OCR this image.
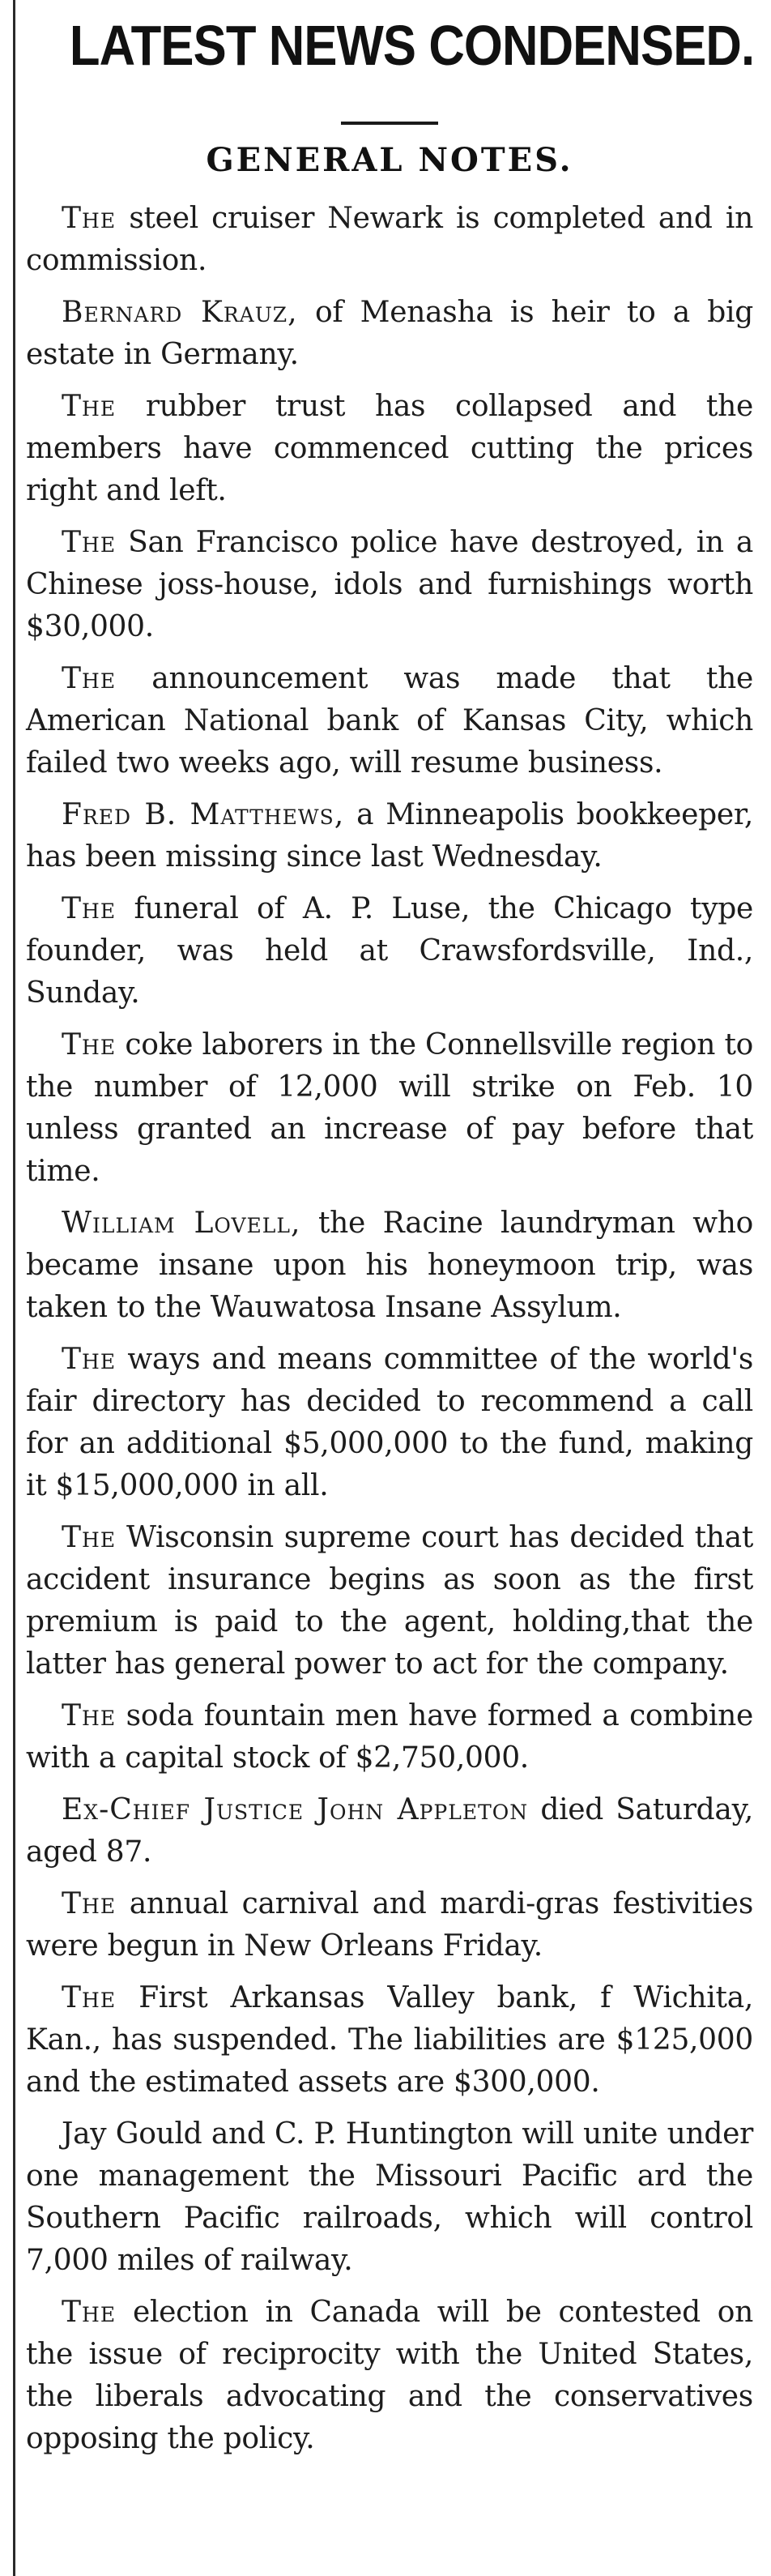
LATEST NEWS CONDENSED.
GENERAL NOTES.

The steel cruiser Newark is completed and in commission.

Bernard Krauz, of Menasha is heir to a big estate in Germany.

The rubber trust has collapsed and the members have commenced cutting the prices right and left.

The San Francisco police have destroyed, in a Chinese joss-house, idols and furnishings worth $30,000.

The announcement was made that the American National bank of Kansas City, which failed two weeks ago, will resume business.

Fred B. Matthews, a Minneapolis bookkeeper, has been missing since last Wednesday.

The funeral of A. P. Luse, the Chicago type founder, was held at Crawsfordsville, Ind., Sunday.

The coke laborers in the Connellsville region to the number of 12,000 will strike on Feb. 10 unless granted an increase of pay before that time.

William Lovell, the Racine laundryman who became insane upon his honeymoon trip, was taken to the Wauwatosa Insane Assylum.

The ways and means committee of the world's fair directory has decided to recommend a call for an additional $5,000,000 to the fund, making it $15,000,000 in all.

The Wisconsin supreme court has decided that accident insurance begins as soon as the first premium is paid to the agent, holding,that the latter has general power to act for the company.

The soda fountain men have formed a combine with a capital stock of $2,750,000.

Ex-Chief Justice John Appleton died Saturday, aged 87.

The annual carnival and mardi-gras festivities were begun in New Orleans Friday.

The First Arkansas Valley bank, f Wichita, Kan., has suspended. The liabilities are $125,000 and the estimated assets are $300,000.

Jay Gould and C. P. Huntington will unite under one management the Missouri Pacific ard the Southern Pacific railroads, which will control 7,000 miles of railway.

The election in Canada will be contested on the issue of reciprocity with the United States, the liberals advocating and the conservatives opposing the policy.
